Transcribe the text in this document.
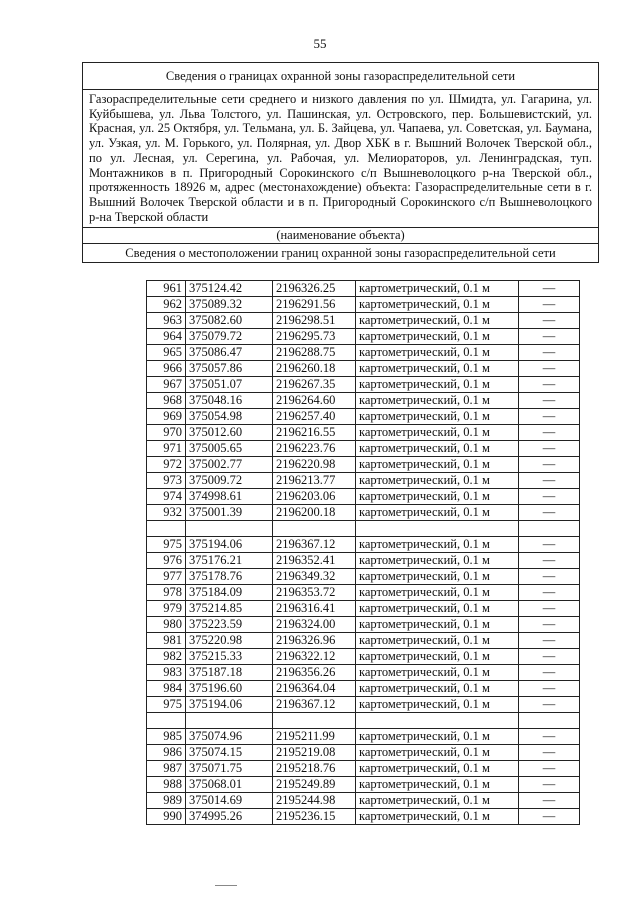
55
Сведения о границах охранной зоны газораспределительной сети
Газораспределительные сети среднего и низкого давления по ул. Шмидта, ул. Гагарина, ул. Куйбышева, ул. Льва Толстого, ул. Пашинская, ул. Островского, пер. Большевистский, ул. Красная, ул. 25 Октября, ул. Тельмана, ул. Б. Зайцева, ул. Чапаева, ул. Советская, ул. Баумана, ул. Узкая, ул. М. Горького, ул. Полярная, ул. Двор ХБК в г. Вышний Волочек Тверской обл., по ул. Лесная, ул. Серегина, ул. Рабочая, ул. Мелиораторов, ул. Ленинградская, туп. Монтажников в п. Пригородный Сорокинского с/п Вышневолоцкого р-на Тверской обл., протяженность 18926 м, адрес (местонахождение) объекта: Газораспределительные сети в г. Вышний Волочек Тверской области и в п. Пригородный Сорокинского с/п Вышневолоцкого р-на Тверской области
(наименование объекта)
Сведения о местоположении границ охранной зоны газораспределительной сети
961	375124.42	2196326.25	картометрический, 0.1 м	—
962	375089.32	2196291.56	картометрический, 0.1 м	—
963	375082.60	2196298.51	картометрический, 0.1 м	—
964	375079.72	2196295.73	картометрический, 0.1 м	—
965	375086.47	2196288.75	картометрический, 0.1 м	—
966	375057.86	2196260.18	картометрический, 0.1 м	—
967	375051.07	2196267.35	картометрический, 0.1 м	—
968	375048.16	2196264.60	картометрический, 0.1 м	—
969	375054.98	2196257.40	картометрический, 0.1 м	—
970	375012.60	2196216.55	картометрический, 0.1 м	—
971	375005.65	2196223.76	картометрический, 0.1 м	—
972	375002.77	2196220.98	картометрический, 0.1 м	—
973	375009.72	2196213.77	картометрический, 0.1 м	—
974	374998.61	2196203.06	картометрический, 0.1 м	—
932	375001.39	2196200.18	картометрический, 0.1 м	—

975	375194.06	2196367.12	картометрический, 0.1 м	—
976	375176.21	2196352.41	картометрический, 0.1 м	—
977	375178.76	2196349.32	картометрический, 0.1 м	—
978	375184.09	2196353.72	картометрический, 0.1 м	—
979	375214.85	2196316.41	картометрический, 0.1 м	—
980	375223.59	2196324.00	картометрический, 0.1 м	—
981	375220.98	2196326.96	картометрический, 0.1 м	—
982	375215.33	2196322.12	картометрический, 0.1 м	—
983	375187.18	2196356.26	картометрический, 0.1 м	—
984	375196.60	2196364.04	картометрический, 0.1 м	—
975	375194.06	2196367.12	картометрический, 0.1 м	—

985	375074.96	2195211.99	картометрический, 0.1 м	—
986	375074.15	2195219.08	картометрический, 0.1 м	—
987	375071.75	2195218.76	картометрический, 0.1 м	—
988	375068.01	2195249.89	картометрический, 0.1 м	—
989	375014.69	2195244.98	картометрический, 0.1 м	—
990	374995.26	2195236.15	картометрический, 0.1 м	—
